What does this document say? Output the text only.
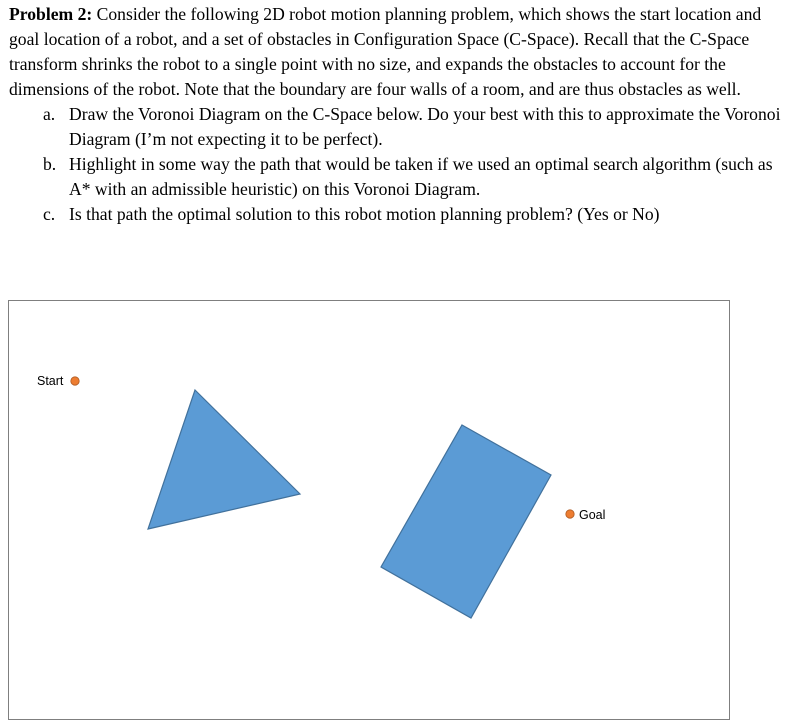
Problem 2: Consider the following 2D robot motion planning problem, which shows the start location and goal location of a robot, and a set of obstacles in Configuration Space (C-Space). Recall that the C-Space transform shrinks the robot to a single point with no size, and expands the obstacles to account for the dimensions of the robot. Note that the boundary are four walls of a room, and are thus obstacles as well.

a. Draw the Voronoi Diagram on the C-Space below. Do your best with this to approximate the Voronoi Diagram (I’m not expecting it to be perfect).
b. Highlight in some way the path that would be taken if we used an optimal search algorithm (such as A* with an admissible heuristic) on this Voronoi Diagram.
c. Is that path the optimal solution to this robot motion planning problem? (Yes or No)
Start
Goal
